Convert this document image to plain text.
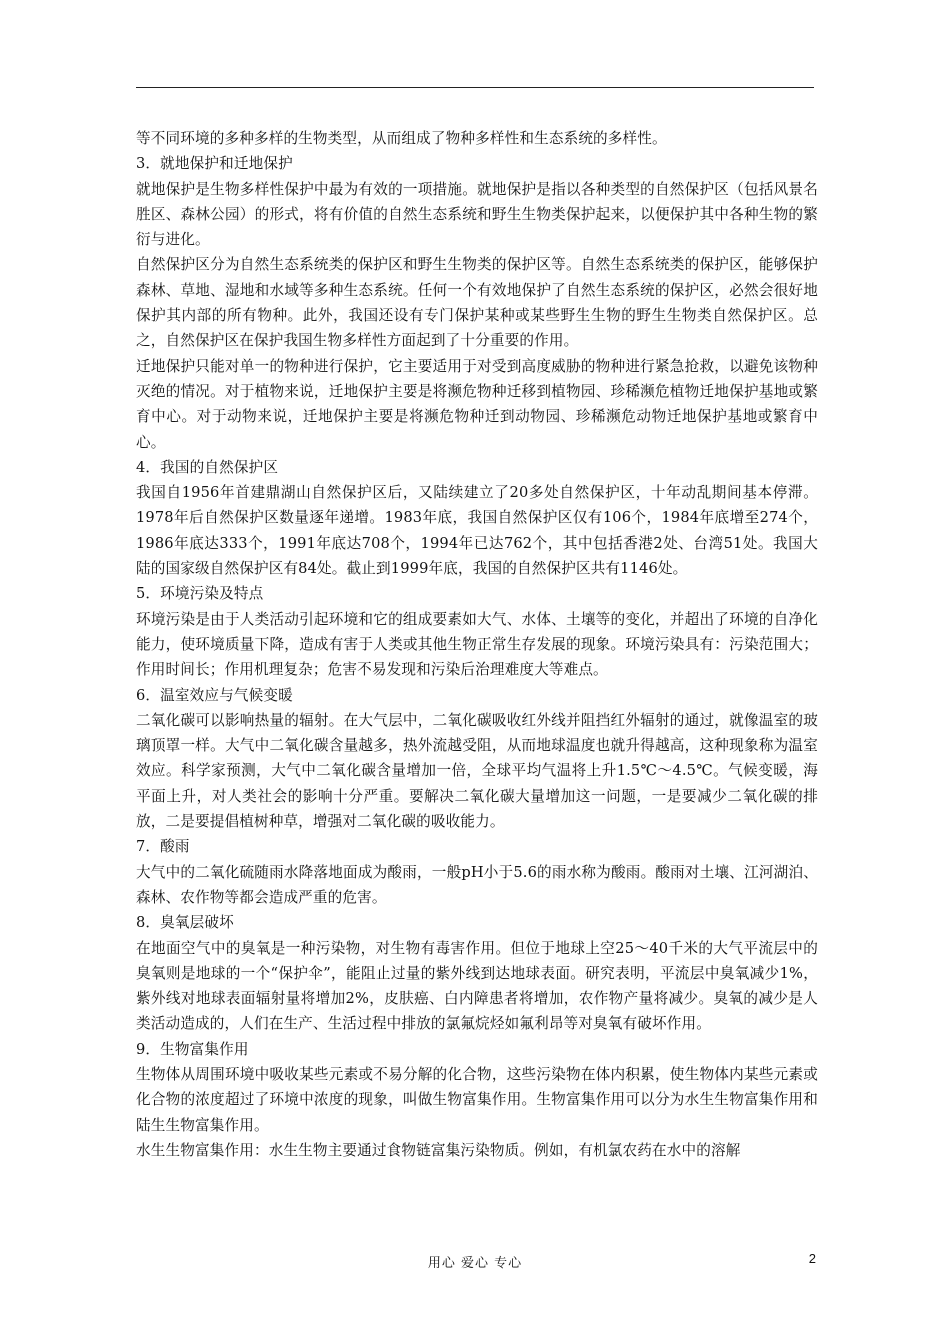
等不同环境的多种多样的生物类型，从而组成了物种多样性和生态系统的多样性。

3．就地保护和迁地保护

就地保护是生物多样性保护中最为有效的一项措施。就地保护是指以各种类型的自然保护区（包括风景名胜区、森林公园）的形式，将有价值的自然生态系统和野生生物类保护起来，以便保护其中各种生物的繁衍与进化。

自然保护区分为自然生态系统类的保护区和野生生物类的保护区等。自然生态系统类的保护区，能够保护森林、草地、湿地和水域等多种生态系统。任何一个有效地保护了自然生态系统的保护区，必然会很好地保护其内部的所有物种。此外，我国还设有专门保护某种或某些野生生物的野生生物类自然保护区。总之，自然保护区在保护我国生物多样性方面起到了十分重要的作用。

迁地保护只能对单一的物种进行保护，它主要适用于对受到高度威胁的物种进行紧急抢救，以避免该物种灭绝的情况。对于植物来说，迁地保护主要是将濒危物种迁移到植物园、珍稀濒危植物迁地保护基地或繁育中心。对于动物来说，迁地保护主要是将濒危物种迁到动物园、珍稀濒危动物迁地保护基地或繁育中心。

4．我国的自然保护区

我国自1956年首建鼎湖山自然保护区后，又陆续建立了20多处自然保护区，十年动乱期间基本停滞。1978年后自然保护区数量逐年递增。1983年底，我国自然保护区仅有106个，1984年底增至274个，1986年底达333个，1991年底达708个，1994年已达762个，其中包括香港2处、台湾51处。我国大陆的国家级自然保护区有84处。截止到1999年底，我国的自然保护区共有1146处。

5．环境污染及特点

环境污染是由于人类活动引起环境和它的组成要素如大气、水体、土壤等的变化，并超出了环境的自净化能力，使环境质量下降，造成有害于人类或其他生物正常生存发展的现象。环境污染具有：污染范围大；作用时间长；作用机理复杂；危害不易发现和污染后治理难度大等难点。

6．温室效应与气候变暖

二氧化碳可以影响热量的辐射。在大气层中，二氧化碳吸收红外线并阻挡红外辐射的通过，就像温室的玻璃顶罩一样。大气中二氧化碳含量越多，热外流越受阻，从而地球温度也就升得越高，这种现象称为温室效应。科学家预测，大气中二氧化碳含量增加一倍，全球平均气温将上升1.5℃～4.5℃。气候变暖，海平面上升，对人类社会的影响十分严重。要解决二氧化碳大量增加这一问题，一是要减少二氧化碳的排放，二是要提倡植树种草，增强对二氧化碳的吸收能力。

7．酸雨

大气中的二氧化硫随雨水降落地面成为酸雨，一般pH小于5.6的雨水称为酸雨。酸雨对土壤、江河湖泊、森林、农作物等都会造成严重的危害。

8．臭氧层破坏

在地面空气中的臭氧是一种污染物，对生物有毒害作用。但位于地球上空25～40千米的大气平流层中的臭氧则是地球的一个“保护伞”，能阻止过量的紫外线到达地球表面。研究表明，平流层中臭氧减少1%，紫外线对地球表面辐射量将增加2%，皮肤癌、白内障患者将增加，农作物产量将减少。臭氧的减少是人类活动造成的，人们在生产、生活过程中排放的氯氟烷烃如氟利昂等对臭氧有破坏作用。

9．生物富集作用

生物体从周围环境中吸收某些元素或不易分解的化合物，这些污染物在体内积累，使生物体内某些元素或化合物的浓度超过了环境中浓度的现象，叫做生物富集作用。生物富集作用可以分为水生生物富集作用和陆生生物富集作用。

水生生物富集作用：水生生物主要通过食物链富集污染物质。例如，有机氯农药在水中的溶解

用心 爱心 专心	2
